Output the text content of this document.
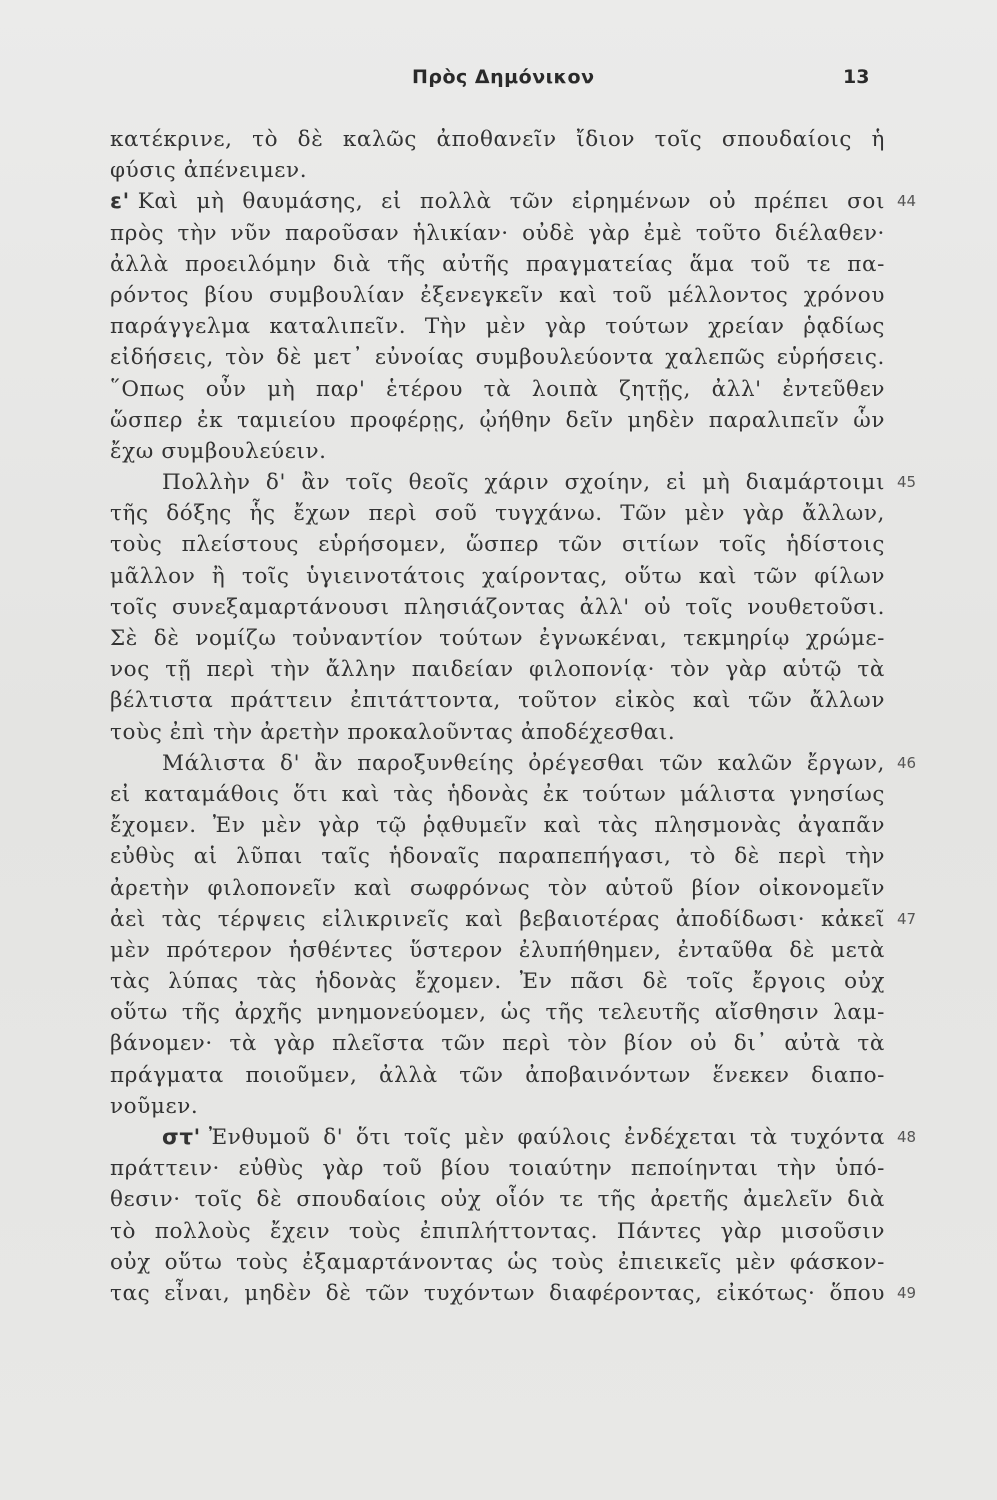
Πρὸς Δημόνικον	13
κατέκρινε, τὸ δὲ καλῶς ἀποθανεῖν ἴδιον τοῖς σπουδαίοις ἡ
φύσις ἀπένειμεν.
ε' Καὶ μὴ θαυμάσης, εἰ πολλὰ τῶν εἰρημένων οὐ πρέπει σοι
πρὸς τὴν νῦν παροῦσαν ἡλικίαν· οὐδὲ γὰρ ἐμὲ τοῦτο διέλαθεν·
ἀλλὰ προειλόμην διὰ τῆς αὐτῆς πραγματείας ἅμα τοῦ τε πα-
ρόντος βίου συμβουλίαν ἐξενεγκεῖν καὶ τοῦ μέλλοντος χρόνου
παράγγελμα καταλιπεῖν. Τὴν μὲν γὰρ τούτων χρείαν ῥᾳδίως
εἰδήσεις, τὸν δὲ μετ᾽ εὐνοίας συμβουλεύοντα χαλεπῶς εὑρήσεις.
῞Οπως οὖν μὴ παρ' ἑτέρου τὰ λοιπὰ ζητῇς, ἀλλ' ἐντεῦθεν
ὥσπερ ἐκ ταμιείου προφέρῃς, ᾠήθην δεῖν μηδὲν παραλιπεῖν ὧν
ἔχω συμβουλεύειν.
Πολλὴν δ' ἂν τοῖς θεοῖς χάριν σχοίην, εἰ μὴ διαμάρτοιμι
τῆς δόξης ἧς ἔχων περὶ σοῦ τυγχάνω. Τῶν μὲν γὰρ ἄλλων,
τοὺς πλείστους εὑρήσομεν, ὥσπερ τῶν σιτίων τοῖς ἡδίστοις
μᾶλλον ἢ τοῖς ὑγιεινοτάτοις χαίροντας, οὕτω καὶ τῶν φίλων
τοῖς συνεξαμαρτάνουσι πλησιάζοντας ἀλλ' οὐ τοῖς νουθετοῦσι.
Σὲ δὲ νομίζω τοὐναντίον τούτων ἐγνωκέναι, τεκμηρίῳ χρώμε-
νος τῇ περὶ τὴν ἄλλην παιδείαν φιλοπονίᾳ· τὸν γὰρ αὑτῷ τὰ
βέλτιστα πράττειν ἐπιτάττοντα, τοῦτον εἰκὸς καὶ τῶν ἄλλων
τοὺς ἐπὶ τὴν ἀρετὴν προκαλοῦντας ἀποδέχεσθαι.
Μάλιστα δ' ἂν παροξυνθείης ὀρέγεσθαι τῶν καλῶν ἔργων,
εἰ καταμάθοις ὅτι καὶ τὰς ἡδονὰς ἐκ τούτων μάλιστα γνησίως
ἔχομεν. Ἐν μὲν γὰρ τῷ ῥᾳθυμεῖν καὶ τὰς πλησμονὰς ἀγαπᾶν
εὐθὺς αἱ λῦπαι ταῖς ἡδοναῖς παραπεπήγασι, τὸ δὲ περὶ τὴν
ἀρετὴν φιλοπονεῖν καὶ σωφρόνως τὸν αὑτοῦ βίον οἰκονομεῖν
ἀεὶ τὰς τέρψεις εἰλικρινεῖς καὶ βεβαιοτέρας ἀποδίδωσι· κἀκεῖ
μὲν πρότερον ἡσθέντες ὕστερον ἐλυπήθημεν, ἐνταῦθα δὲ μετὰ
τὰς λύπας τὰς ἡδονὰς ἔχομεν. Ἐν πᾶσι δὲ τοῖς ἔργοις οὐχ
οὕτω τῆς ἀρχῆς μνημονεύομεν, ὡς τῆς τελευτῆς αἴσθησιν λαμ-
βάνομεν· τὰ γὰρ πλεῖστα τῶν περὶ τὸν βίον οὐ δι᾽ αὐτὰ τὰ
πράγματα ποιοῦμεν, ἀλλὰ τῶν ἀποβαινόντων ἕνεκεν διαπο-
νοῦμεν.
στ' Ἐνθυμοῦ δ' ὅτι τοῖς μὲν φαύλοις ἐνδέχεται τὰ τυχόντα
πράττειν· εὐθὺς γὰρ τοῦ βίου τοιαύτην πεποίηνται τὴν ὑπό-
θεσιν· τοῖς δὲ σπουδαίοις οὐχ οἷόν τε τῆς ἀρετῆς ἀμελεῖν διὰ
τὸ πολλοὺς ἔχειν τοὺς ἐπιπλήττοντας. Πάντες γὰρ μισοῦσιν
οὐχ οὕτω τοὺς ἐξαμαρτάνοντας ὡς τοὺς ἐπιεικεῖς μὲν φάσκον-
τας εἶναι, μηδὲν δὲ τῶν τυχόντων διαφέροντας, εἰκότως· ὅπου
44
45
46
47
48
49
